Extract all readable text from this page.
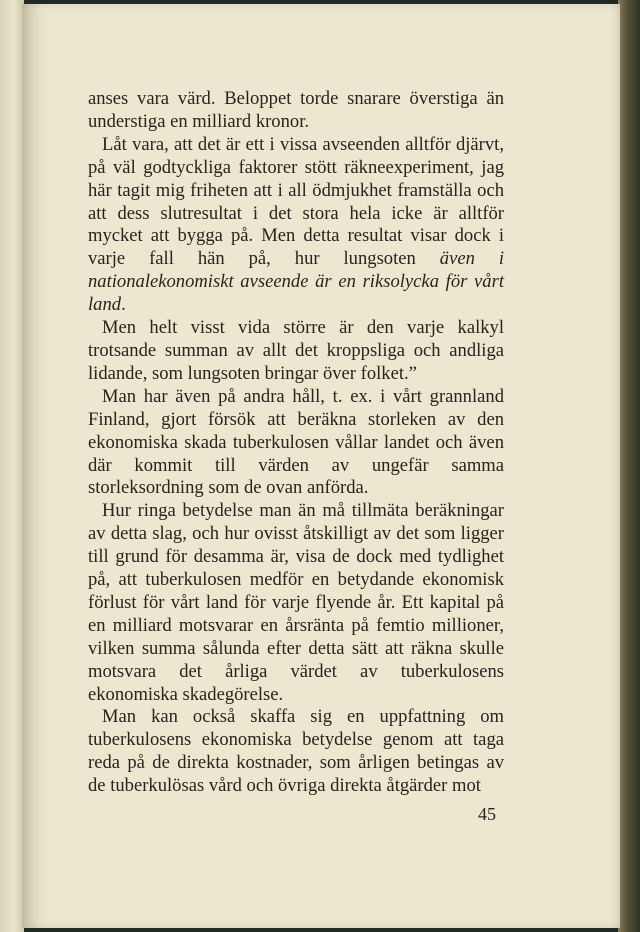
anses vara värd. Beloppet torde snarare överstiga än understiga en milliard kronor.

Låt vara, att det är ett i vissa avseenden alltför djärvt, på väl godtyckliga faktorer stött räkneexperiment, jag här tagit mig friheten att i all ödmjukhet framställa och att dess slutresultat i det stora hela icke är alltför mycket att bygga på. Men detta resultat visar dock i varje fall hän på, hur lungsoten även i nationalekonomiskt avseende är en riksolycka för vårt land.

Men helt visst vida större är den varje kalkyl trotsande summan av allt det kroppsliga och andliga lidande, som lungsoten bringar över folket.”

Man har även på andra håll, t. ex. i vårt grannland Finland, gjort försök att beräkna storleken av den ekonomiska skada tuberkulosen vållar landet och även där kommit till värden av ungefär samma storleksordning som de ovan anförda.

Hur ringa betydelse man än må tillmäta beräkningar av detta slag, och hur ovisst åtskilligt av det som ligger till grund för desamma är, visa de dock med tydlighet på, att tuberkulosen medför en betydande ekonomisk förlust för vårt land för varje flyende år. Ett kapital på en milliard motsvarar en årsränta på femtio millioner, vilken summa sålunda efter detta sätt att räkna skulle motsvara det årliga värdet av tuberkulosens ekonomiska skadegörelse.

Man kan också skaffa sig en uppfattning om tuberkulosens ekonomiska betydelse genom att taga reda på de direkta kostnader, som årligen betingas av de tuberkulösas vård och övriga direkta åtgärder mot

45
